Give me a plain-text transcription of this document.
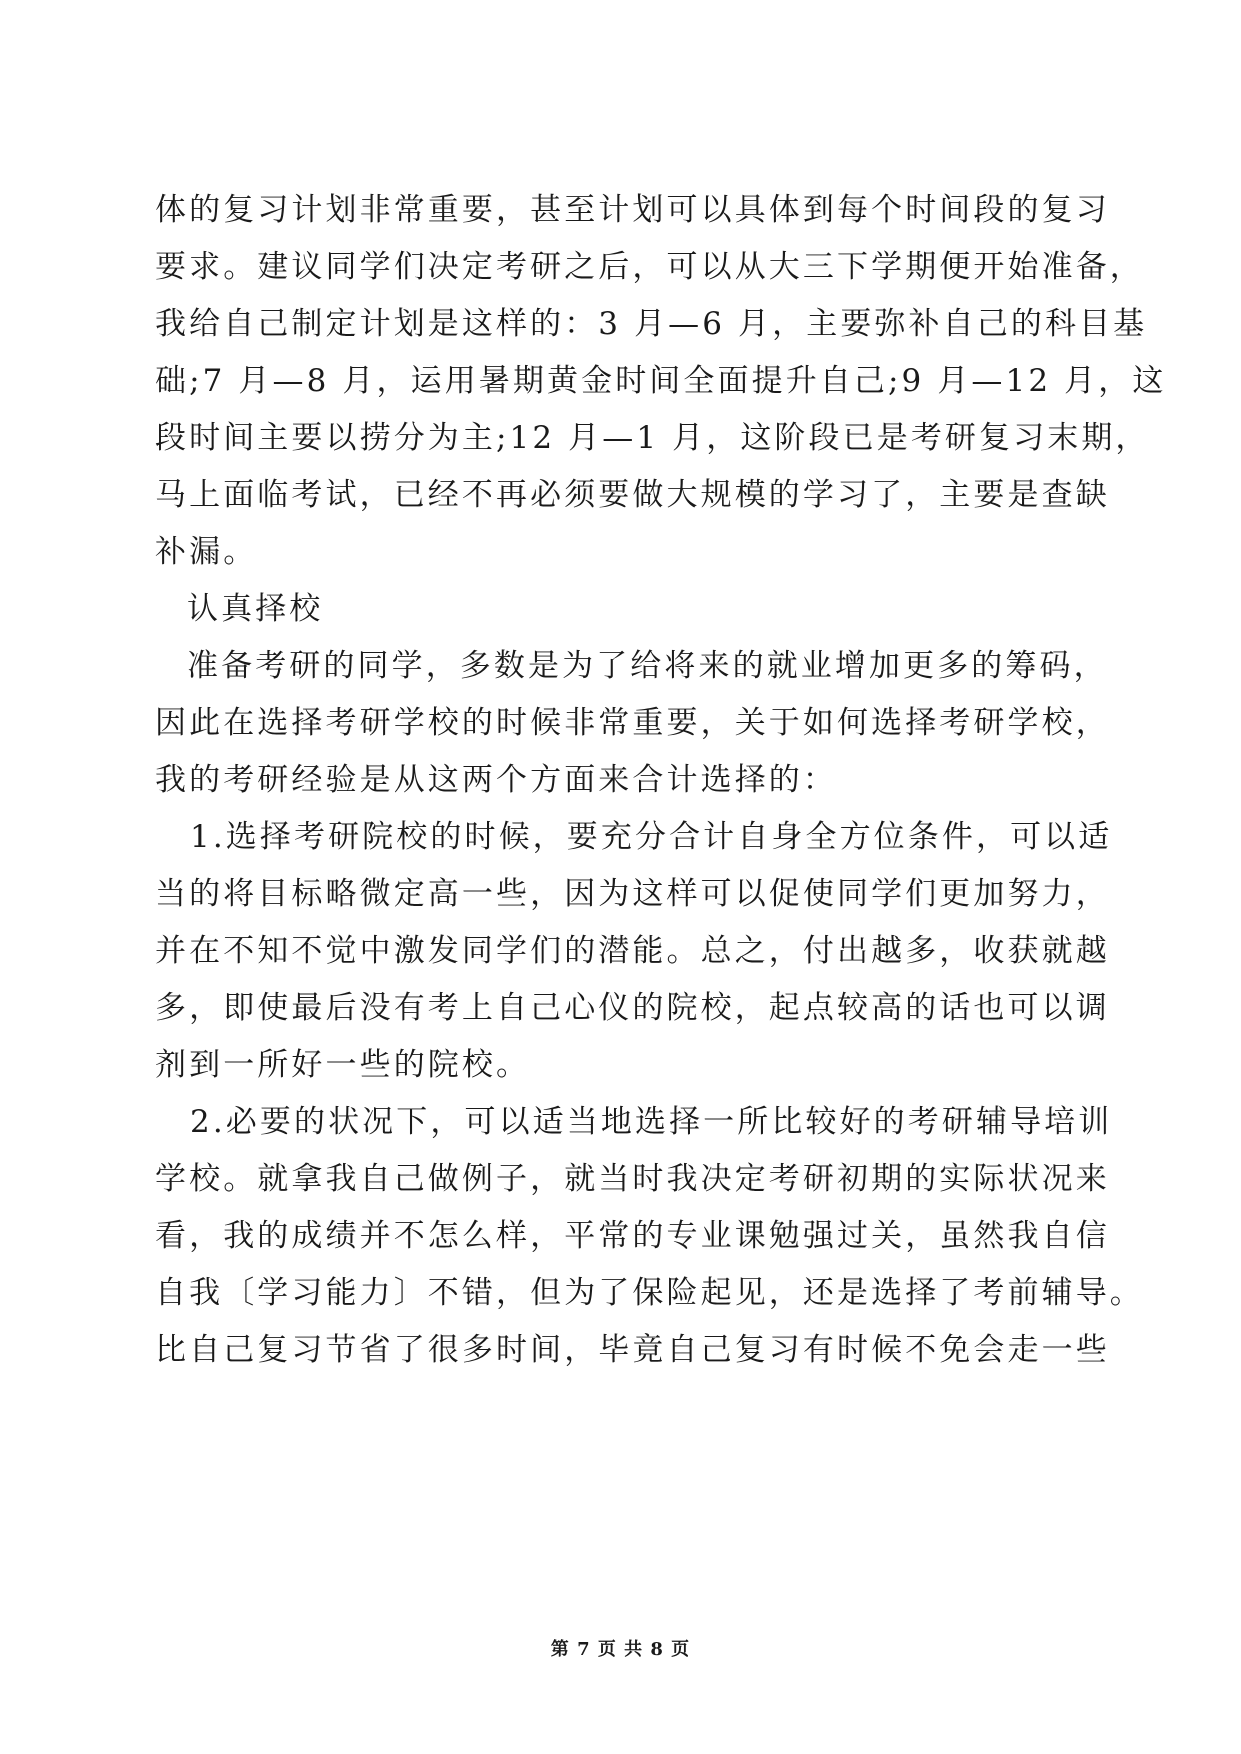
体的复习计划非常重要，甚至计划可以具体到每个时间段的复习
要求。建议同学们决定考研之后，可以从大三下学期便开始准备，
我给自己制定计划是这样的：3 月—6 月，主要弥补自己的科目基
础;7 月—8 月，运用暑期黄金时间全面提升自己;9 月—12 月，这
段时间主要以捞分为主;12 月—1 月，这阶段已是考研复习末期，
马上面临考试，已经不再必须要做大规模的学习了，主要是查缺
补漏。
认真择校
准备考研的同学，多数是为了给将来的就业增加更多的筹码，
因此在选择考研学校的时候非常重要，关于如何选择考研学校，
我的考研经验是从这两个方面来合计选择的：
1.选择考研院校的时候，要充分合计自身全方位条件，可以适
当的将目标略微定高一些，因为这样可以促使同学们更加努力，
并在不知不觉中激发同学们的潜能。总之，付出越多，收获就越
多，即使最后没有考上自己心仪的院校，起点较高的话也可以调
剂到一所好一些的院校。
2.必要的状况下，可以适当地选择一所比较好的考研辅导培训
学校。就拿我自己做例子，就当时我决定考研初期的实际状况来
看，我的成绩并不怎么样，平常的专业课勉强过关，虽然我自信
自我〔学习能力〕不错，但为了保险起见，还是选择了考前辅导。
比自己复习节省了很多时间，毕竟自己复习有时候不免会走一些
第 7 页 共 8 页
